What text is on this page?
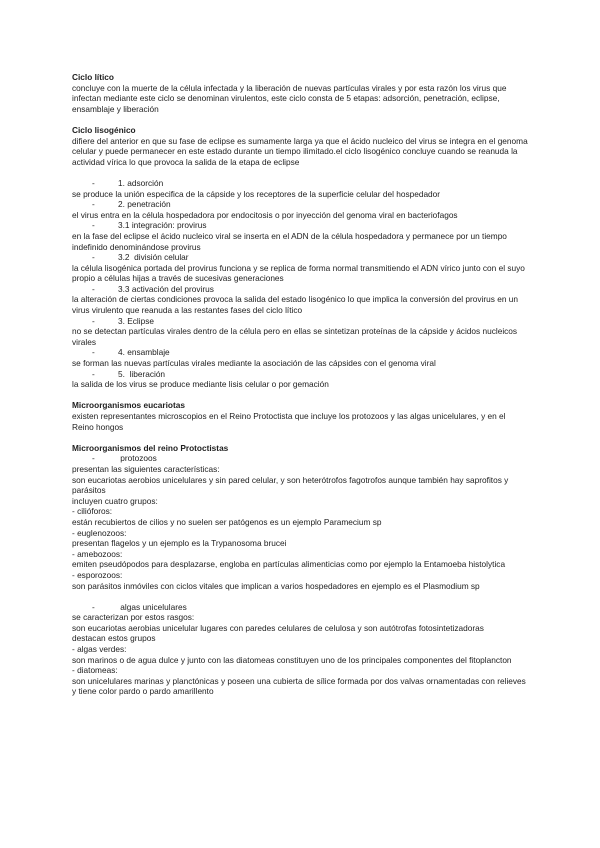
Ciclo lítico

concluye con la muerte de la célula infectada y la liberación de nuevas partículas virales y por esta razón los virus que infectan mediante este ciclo se denominan virulentos, este ciclo consta de 5 etapas: adsorción, penetración, eclipse, ensamblaje y liberación

Ciclo lisogénico

difiere del anterior en que su fase de eclipse es sumamente larga ya que el ácido nucleico del virus se integra en el genoma celular y puede permanecer en este estado durante un tiempo ilimitado.el ciclo lisogénico concluye cuando se reanuda la actividad vírica lo que provoca la salida de la etapa de eclipse

-	1. adsorción

se produce la unión especifica de la cápside y los receptores de la superficie celular del hospedador

-	2. penetración

el virus entra en la célula hospedadora por endocitosis o por inyección del genoma viral en bacteriofagos

-	3.1 integración: provirus

en la fase del eclipse el ácido nucleico viral se inserta en el ADN de la célula hospedadora y permanece por un tiempo indefinido denominándose provirus

-	3.2  división celular

la célula lisogénica portada del provirus funciona y se replica de forma normal transmitiendo el ADN vírico junto con el suyo propio a células hijas a través de sucesivas generaciones

-	3.3 activación del provirus

la alteración de ciertas condiciones provoca la salida del estado lisogénico lo que implica la conversión del provirus en un virus virulento que reanuda a las restantes fases del ciclo lítico

-	3. Eclipse

no se detectan partículas virales dentro de la célula pero en ellas se sintetizan proteínas de la cápside y ácidos nucleicos virales

-	4. ensamblaje

se forman las nuevas partículas virales mediante la asociación de las cápsides con el genoma viral

-	5.  liberación

la salida de los virus se produce mediante lisis celular o por gemación

Microorganismos eucariotas

existen representantes microscopios en el Reino Protoctista que incluye los protozoos y las algas unicelulares, y en el Reino hongos

Microorganismos del reino Protoctistas

-	protozoos

presentan las siguientes características:

son eucariotas aerobios unicelulares y sin pared celular, y son heterótrofos fagotrofos aunque también hay saprofitos y parásitos

incluyen cuatro grupos:

- cilióforos:

están recubiertos de cilios y no suelen ser patógenos es un ejemplo Paramecium sp

- euglenozoos:

presentan flagelos y un ejemplo es la Trypanosoma brucei

- amebozoos:

emiten pseudópodos para desplazarse, engloba en partículas alimenticias como por ejemplo la Entamoeba histolytica

- esporozoos:

son parásitos inmóviles con ciclos vitales que implican a varios hospedadores en ejemplo es el Plasmodium sp

-	algas unicelulares

se caracterizan por estos rasgos:

son eucariotas aerobias unicelular lugares con paredes celulares de celulosa y son autótrofas fotosintetizadoras

destacan estos grupos

- algas verdes:

son marinos o de agua dulce y junto con las diatomeas constituyen uno de los principales componentes del fitoplancton

- diatomeas:

son unicelulares marinas y planctónicas y poseen una cubierta de sílice formada por dos valvas ornamentadas con relieves y tiene color pardo o pardo amarillento
